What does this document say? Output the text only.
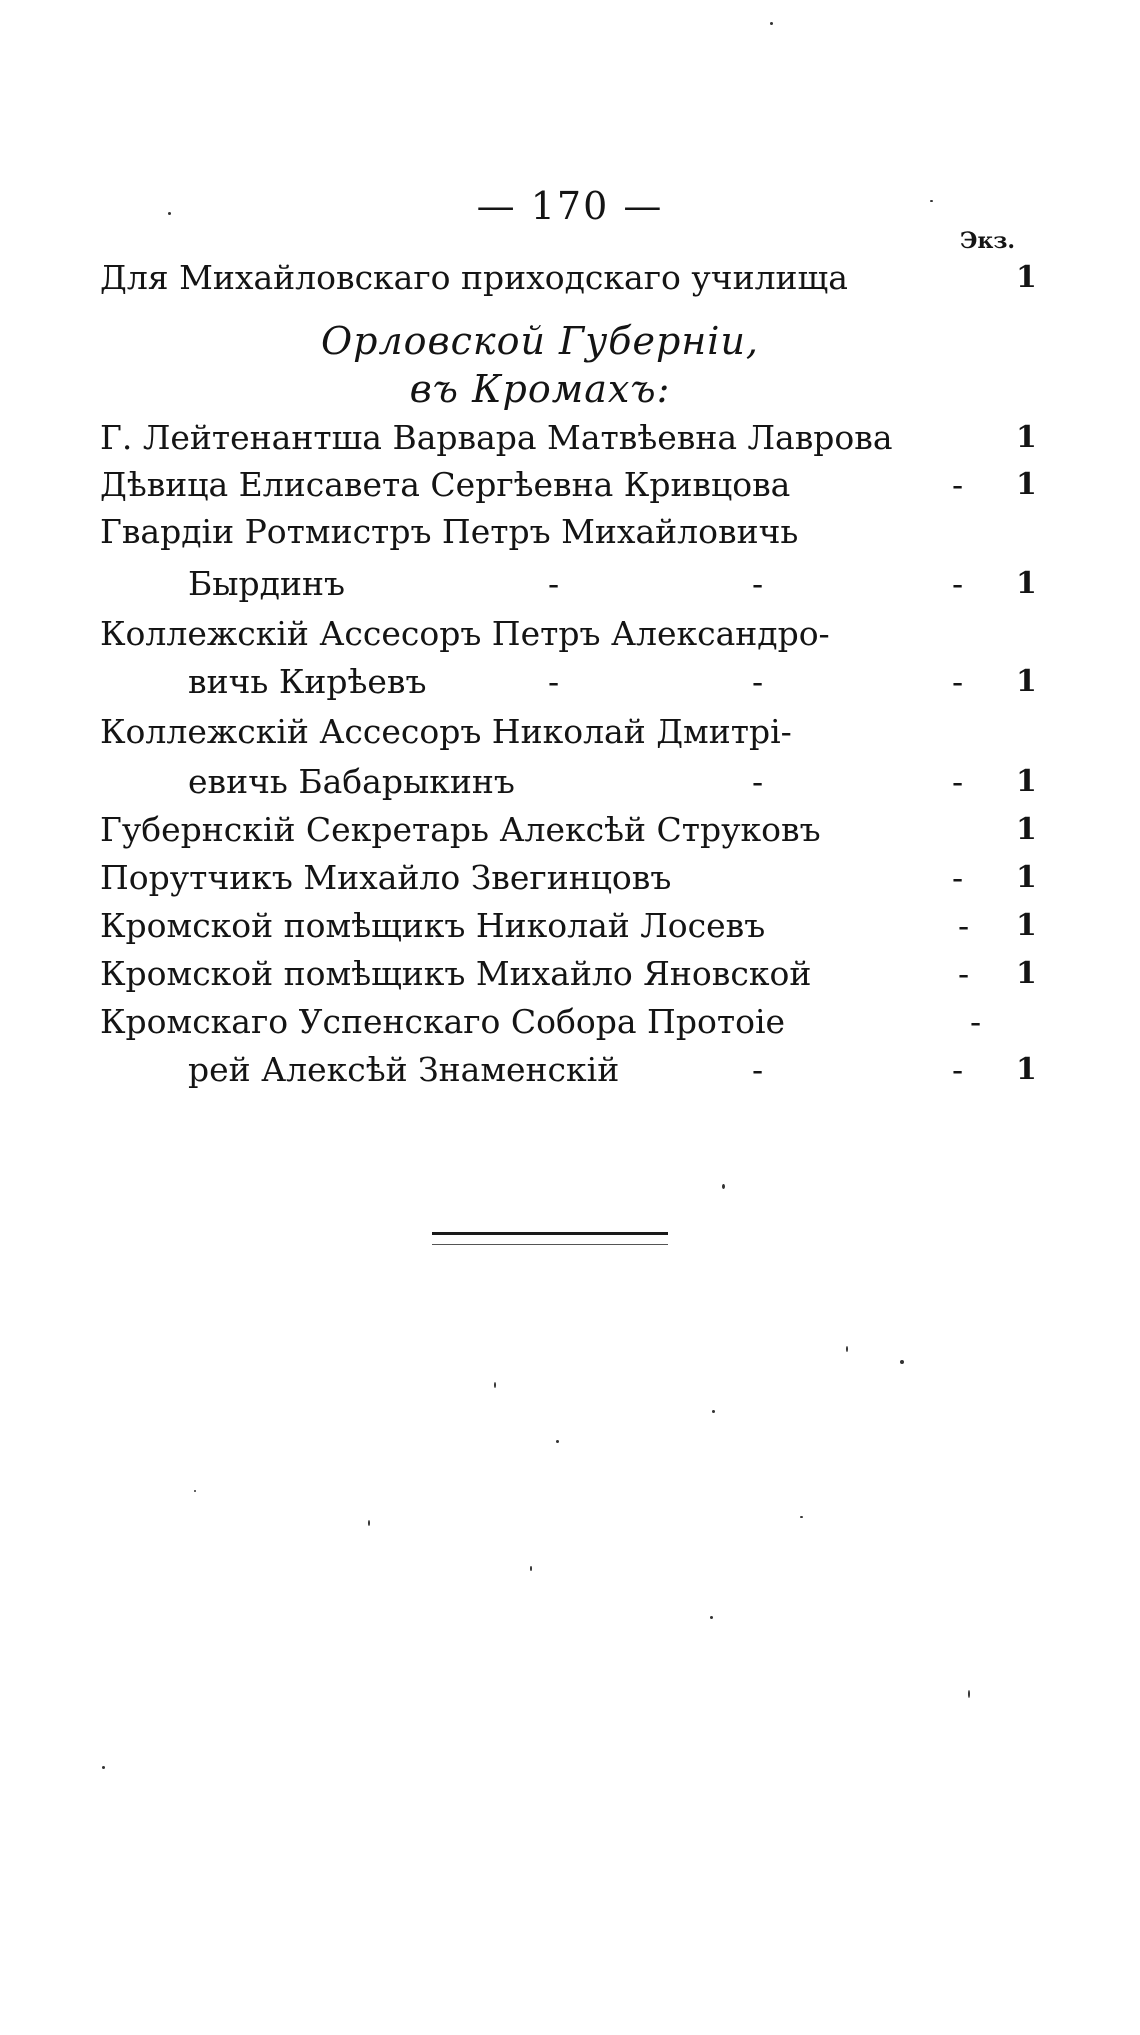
— 170 —
Экз.
Для Михайловскаго приходскаго училища	1
Орловской Губерніи,
въ Кромахъ:
Г. Лейтенантша Варвара Матвѣевна Лаврова	1
Дѣвица Елисавета Сергѣевна Кривцова	- 1
Гвардіи Ротмистръ Петръ Михайловичь
Бырдинъ	-	-	- 1
Коллежскій Ассесоръ Петръ Александро-
вичь Кирѣевъ	-	-	- 1
Коллежскій Ассесоръ Николай Дмитрі-
евичь Бабарыкинъ	-	- 1
Губернскій Секретарь Алексѣй Струковъ	1
Порутчикъ Михайло Звегинцовъ	- 1
Кромской помѣщикъ Николай Лосевъ	- 1
Кромской помѣщикъ Михайло Яновской	- 1
Кромскаго Успенскаго Собора Протоіе	-
рей Алексѣй Знаменскій	-	- 1
